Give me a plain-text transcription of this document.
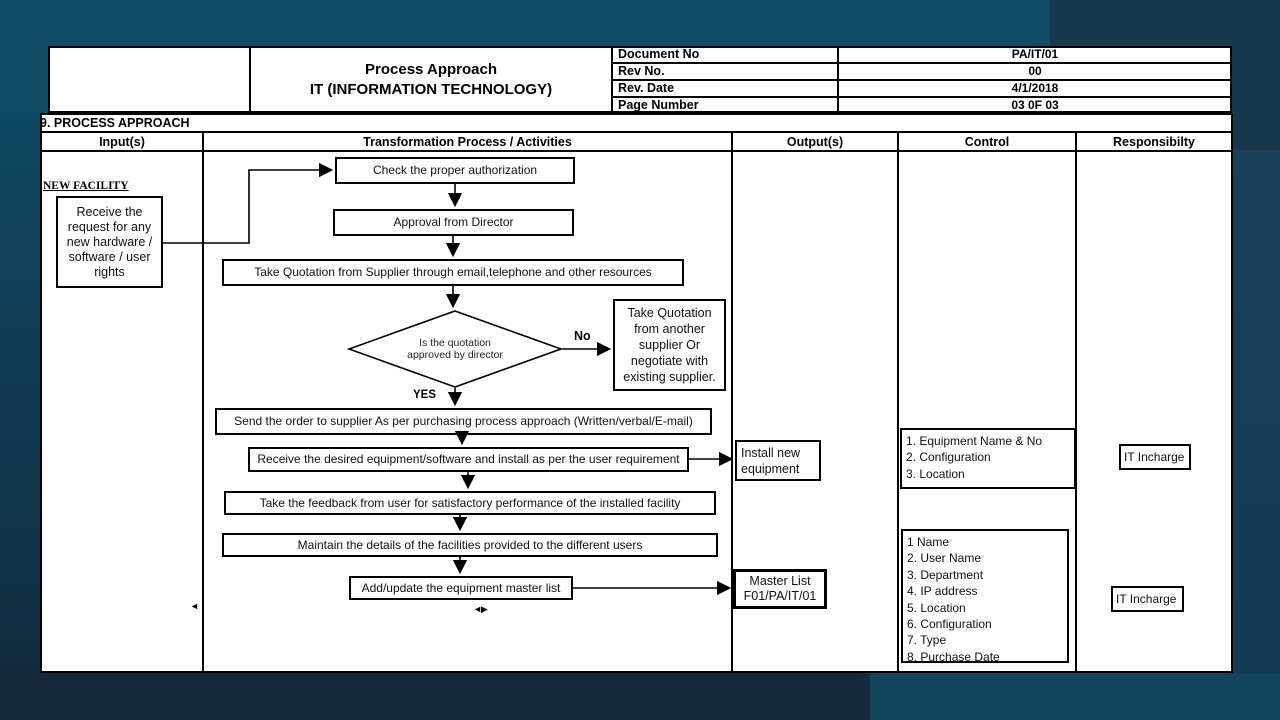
Process Approach
IT (INFORMATION TECHNOLOGY)
Document No	PA/IT/01
Rev No.	00
Rev. Date	4/1/2018
Page Number	03 0F 03
9. PROCESS APPROACH
Input(s)	Transformation Process / Activities	Output(s)	Control	Responsibilty
NEW FACILITY
Receive the request for any new hardware / software / user rights
Check the proper authorization
Approval from Director
Take Quotation from Supplier through email,telephone and other resources
Is the quotation
approved by director
No
YES
Take Quotation from another supplier Or negotiate with existing supplier.
Send the order to supplier As per purchasing process approach (Written/verbal/E-mail)
Receive the desired equipment/software and install as per the user requirement
Take the feedback from user for satisfactory performance of the installed facility
Maintain the details of the facilities provided to the different users
Add/update the equipment master list
Install new equipment
Master List
F01/PA/IT/01
1. Equipment Name & No
2. Configuration
3. Location
1 Name
2. User Name
3. Department
4. IP address
5. Location
6. Configuration
7. Type
8. Purchase Date
IT Incharge
IT Incharge
◄	◄▶
